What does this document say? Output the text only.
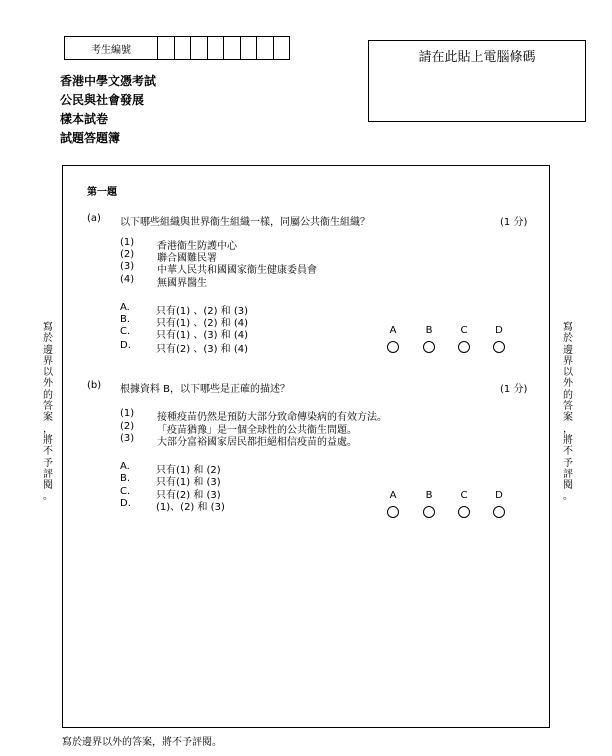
考生編號	請在此貼上電腦條碼
香港中學文憑考試
公民與社會發展
樣本試卷
試題答題簿
寫
於
邊
界
以
外
的
答
案
，
將
不
予
評
閱
。
寫
於
邊
界
以
外
的
答
案
，
將
不
予
評
閱
。
第一題
(a) 以下哪些組織與世界衞生組織一樣，同屬公共衞生組織？	(1 分)
(1) 香港衞生防護中心
(2) 聯合國難民署
(3) 中華人民共和國國家衞生健康委員會
(4) 無國界醫生
A.	只有(1) 、(2) 和 (3)
B.	只有(1) 、(2) 和 (4)
C.	只有(1) 、(3) 和 (4)
D.	只有(2) 、(3) 和 (4)
A	B	C	D
(b) 根據資料 B，以下哪些是正確的描述？	(1 分)
(1) 接種疫苗仍然是預防大部分致命傳染病的有效方法。
(2) 「疫苗猶豫」是一個全球性的公共衞生問題。
(3) 大部分富裕國家居民都拒絕相信疫苗的益處。
A.	只有(1) 和 (2)
B.	只有(1) 和 (3)
C.	只有(2) 和 (3)
D.	(1)、(2) 和 (3)
A	B	C	D
寫於邊界以外的答案，將不予評閱。
